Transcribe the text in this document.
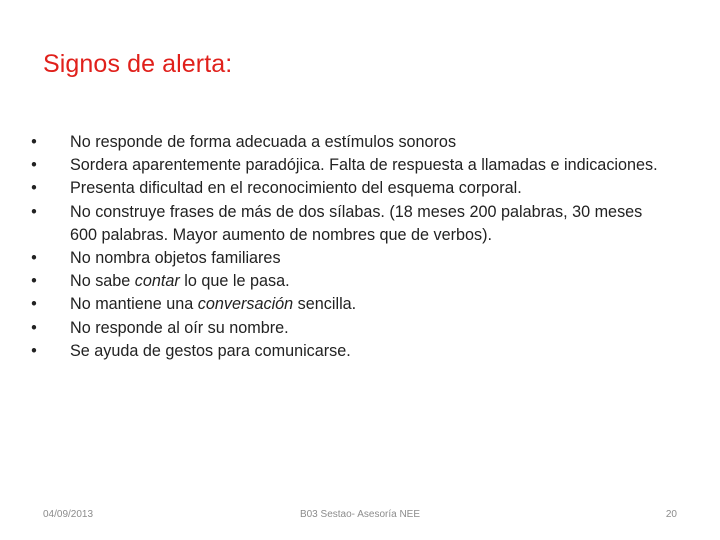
Signos de alerta:
• No responde de forma adecuada a estímulos sonoros
• Sordera aparentemente paradójica. Falta de respuesta a llamadas e indicaciones.
• Presenta dificultad en el reconocimiento del esquema corporal.
• No construye frases de más de dos sílabas. (18 meses 200 palabras, 30 meses 600 palabras. Mayor aumento de nombres que de verbos).
• No nombra objetos familiares
• No sabe contar lo que le pasa.
• No mantiene una conversación sencilla.
• No responde al oír su nombre.
• Se ayuda de gestos para comunicarse.
04/09/2013	B03 Sestao- Asesoría NEE	20
